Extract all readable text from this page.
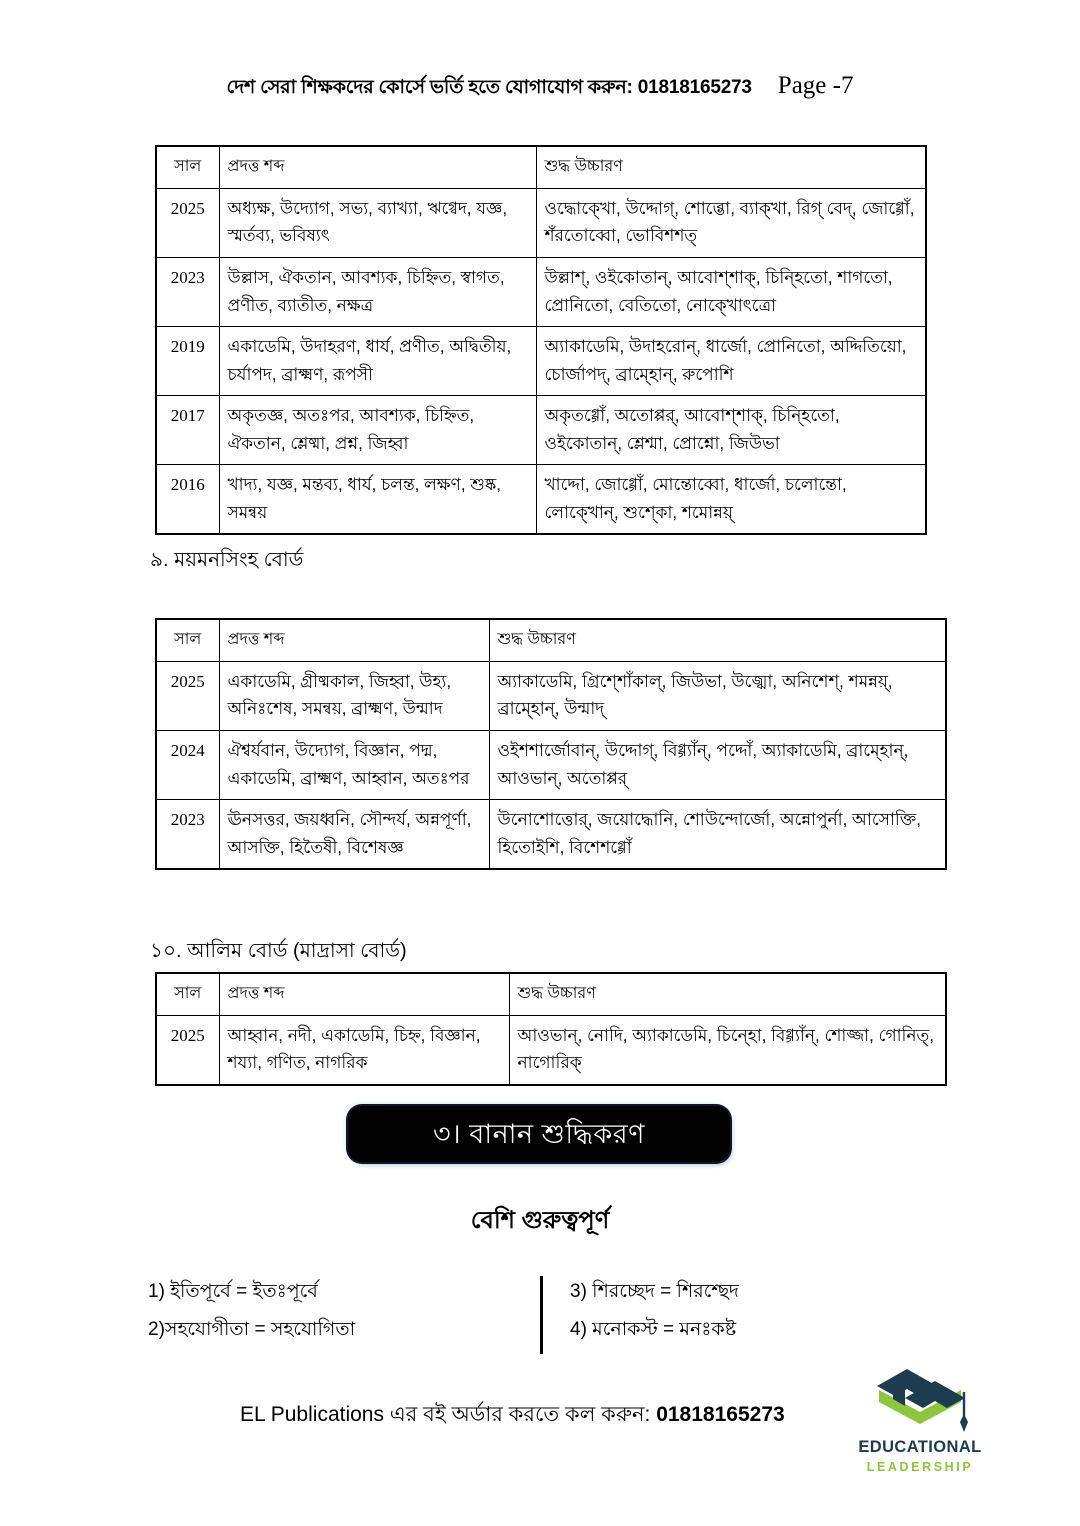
দেশ সেরা শিক্ষকদের কোর্সে ভর্তি হতে যোগাযোগ করুন: 01818165273 Page -7
সাল	প্রদত্ত শব্দ	শুদ্ধ উচ্চারণ
2025	অধ্যক্ষ, উদ্যোগ, সভ্য, ব্যাখ্যা, ঋগ্বেদ, যজ্ঞ, স্মর্তব্য, ভবিষ্যৎ	ওদ্ধোক্খো, উদ্দোগ্, শোব্ভো, ব্যাক্খা, রিগ্ বেদ্, জোগ্গোঁ, শঁরতোব্বো, ভোবিশশত্
2023	উল্লাস, ঐকতান, আবশ্যক, চিহ্নিত, স্বাগত, প্রণীত, ব্যাতীত, নক্ষত্র	উল্লাশ্, ওইকোতান্, আবোশ্শাক্, চিন্হিতো, শাগতো, প্রোনিতো, বেতিতো, নোক্খোৎত্রো
2019	একাডেমি, উদাহরণ, ধার্য, প্রণীত, অদ্বিতীয়, চর্যাপদ, ব্রাক্ষ্মণ, রূপসী	অ্যাকাডেমি, উদাহরোন্, ধার্জো, প্রোনিতো, অদ্দিতিয়ো, চোর্জাপদ্, ব্রাম্হোন্, রুপোশি
2017	অকৃতজ্ঞ, অতঃপর, আবশ্যক, চিহ্নিত, ঐকতান, শ্লেষ্মা, প্রশ্ন, জিহ্বা	অকৃতগ্গোঁ, অতোপ্পর্, আবোশ্শাক্, চিন্হিতো, ওইকোতান্, শ্লেশ্মা, প্রোশ্নো, জিউভা
2016	খাদ্য, যজ্ঞ, মন্তব্য, ধার্য, চলন্ত, লক্ষণ, শুষ্ক, সমন্বয়	খাদ্দো, জোগ্গোঁ, মোন্তোব্বো, ধার্জো, চলোন্তো, লোক্খোন্, শুশ্কো, শমোন্নয়্
৯. ময়মনসিংহ বোর্ড
সাল	প্রদত্ত শব্দ	শুদ্ধ উচ্চারণ
2025	একাডেমি, গ্রীষ্মকাল, জিহ্বা, উহ্য, অনিঃশেষ, সমন্বয়, ব্রাক্ষ্মণ, উন্মাদ	অ্যাকাডেমি, গ্রিশ্শোঁকাল্, জিউভা, উজ্ঝো, অনিশেশ্, শমন্নয়্, ব্রাম্হোন্, উন্মাদ্
2024	ঐশ্বর্যবান, উদ্যোগ, বিজ্ঞান, পদ্ম, একাডেমি, ব্রাক্ষ্মণ, আহ্বান, অতঃপর	ওইশশার্জোবান্, উদ্দোগ্, বিগ্গ্যাঁন্, পদ্দোঁ, অ্যাকাডেমি, ব্রাম্হোন্, আওভান্, অতোপ্পর্
2023	ঊনসত্তর, জয়ধ্বনি, সৌন্দর্য, অন্নপূর্ণা, আসক্তি, হিতৈষী, বিশেষজ্ঞ	উনোশোত্তোর্, জয়োদ্ধোনি, শোউন্দোর্জো, অন্নোপুর্না, আসোক্তি, হিতোইশি, বিশেশগ্গোঁ
১০. আলিম বোর্ড (মাদ্রাসা বোর্ড)
সাল	প্রদত্ত শব্দ	শুদ্ধ উচ্চারণ
2025	আহ্বান, নদী, একাডেমি, চিহ্ন, বিজ্ঞান, শয্যা, গণিত, নাগরিক	আওভান্, নোদি, অ্যাকাডেমি, চিন্হো, বিগ্গ্যাঁন্, শোজ্জা, গোনিত্, নাগোরিক্
৩। বানান শুদ্ধিকরণ
বেশি গুরুত্বপূর্ণ
1) ইতিপূর্বে = ইতঃপূর্বে
2)সহযোগীতা = সহযোগিতা
3) শিরচ্ছেদ = শিরশ্ছেদ
4) মনোকস্ট = মনঃকষ্ট
EL Publications এর বই অর্ডার করতে কল করুন: 01818165273
EDUCATIONAL
LEADERSHIP
